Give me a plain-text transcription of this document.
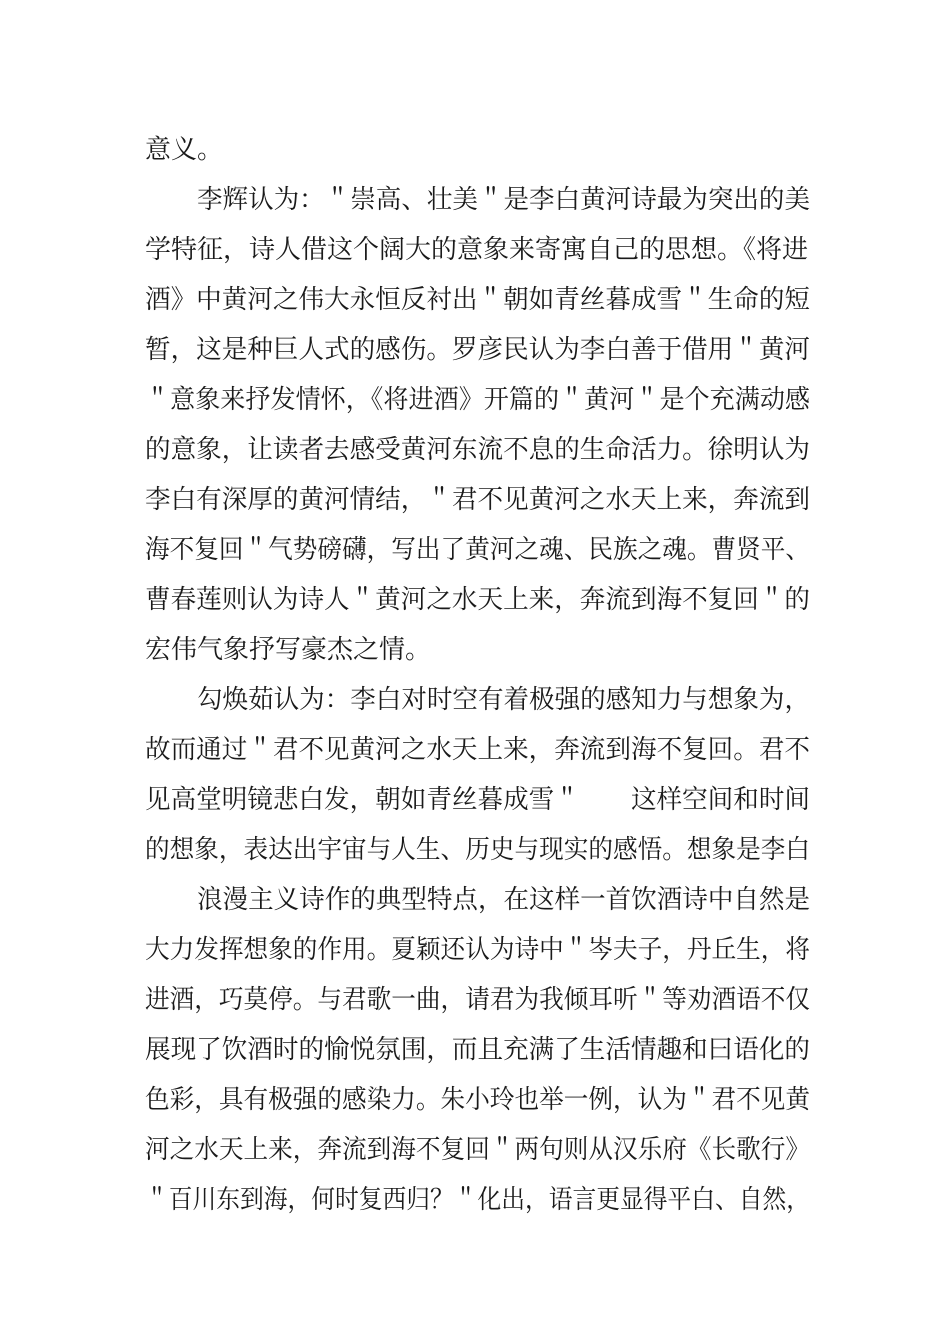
意义。
李辉认为：＂崇高、壮美＂是李白黄河诗最为突出的美
学特征，诗人借这个阔大的意象来寄寓自己的思想。《将进
酒》中黄河之伟大永恒反衬出＂朝如青丝暮成雪＂生命的短
暂，这是种巨人式的感伤。罗彦民认为李白善于借用＂黄河
＂意象来抒发情怀，《将进酒》开篇的＂黄河＂是个充满动感
的意象，让读者去感受黄河东流不息的生命活力。徐明认为
李白有深厚的黄河情结，＂君不见黄河之水天上来，奔流到
海不复回＂气势磅礴，写出了黄河之魂、民族之魂。曹贤平、
曹春莲则认为诗人＂黄河之水天上来，奔流到海不复回＂的
宏伟气象抒写豪杰之情。
勾焕茹认为：李白对时空有着极强的感知力与想象为，
故而通过＂君不见黄河之水天上来，奔流到海不复回。君不
见高堂明镜悲白发，朝如青丝暮成雪＂　　这样空间和时间
的想象，表达出宇宙与人生、历史与现实的感悟。想象是李白
浪漫主义诗作的典型特点，在这样一首饮酒诗中自然是
大力发挥想象的作用。夏颖还认为诗中＂岑夫子，丹丘生，将
进酒，巧莫停。与君歌一曲，请君为我倾耳听＂等劝酒语不仅
展现了饮酒时的愉悦氛围，而且充满了生活情趣和曰语化的
色彩，具有极强的感染力。朱小玲也举一例，认为＂君不见黄
河之水天上来，奔流到海不复回＂两句则从汉乐府《长歌行》
＂百川东到海，何时复西归？＂化出，语言更显得平白、自然，
